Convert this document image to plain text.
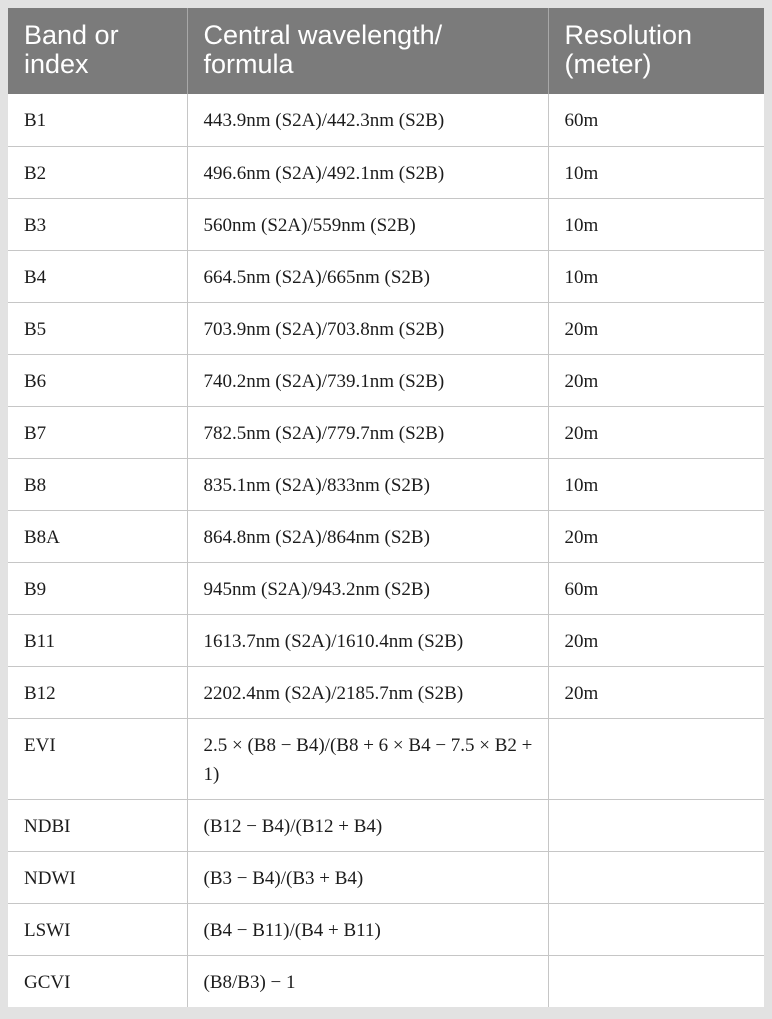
Band or index	Central wavelength/ formula	Resolution (meter)
B1	443.9nm (S2A)/442.3nm (S2B)	60m
B2	496.6nm (S2A)/492.1nm (S2B)	10m
B3	560nm (S2A)/559nm (S2B)	10m
B4	664.5nm (S2A)/665nm (S2B)	10m
B5	703.9nm (S2A)/703.8nm (S2B)	20m
B6	740.2nm (S2A)/739.1nm (S2B)	20m
B7	782.5nm (S2A)/779.7nm (S2B)	20m
B8	835.1nm (S2A)/833nm (S2B)	10m
B8A	864.8nm (S2A)/864nm (S2B)	20m
B9	945nm (S2A)/943.2nm (S2B)	60m
B11	1613.7nm (S2A)/1610.4nm (S2B)	20m
B12	2202.4nm (S2A)/2185.7nm (S2B)	20m
EVI	2.5 × (B8 − B4)/(B8 + 6 × B4 − 7.5 × B2 + 1)	
NDBI	(B12 − B4)/(B12 + B4)	
NDWI	(B3 − B4)/(B3 + B4)	
LSWI	(B4 − B11)/(B4 + B11)	
GCVI	(B8/B3) − 1	
